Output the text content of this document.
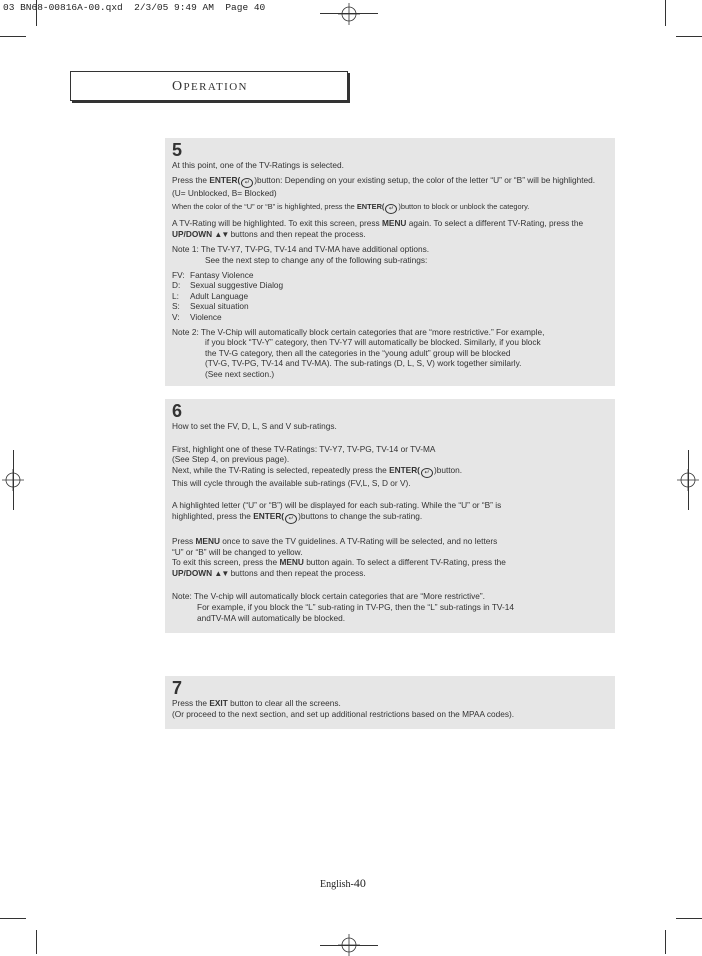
03 BN68-00816A-00.qxd  2/3/05 9:49 AM  Page 40
OPERATION
5

At this point, one of the TV-Ratings is selected.

Press the ENTER( ↵ )button: Depending on your existing setup, the color of the letter “U” or “B” will be highlighted. (U= Unblocked, B= Blocked)

When the color of the “U” or “B” is highlighted, press the ENTER( ↵ )button to block or unblock the category.

A TV-Rating will be highlighted. To exit this screen, press MENU again. To select a different TV-Rating, press the UP/DOWN ▲▼ buttons and then repeat the process.

Note 1: The TV-Y7, TV-PG, TV-14 and TV-MA have additional options.

See the next step to change any of the following sub-ratings:

FV: Fantasy Violence
D:	Sexual suggestive Dialog
L:	Adult Language
S:	Sexual situation
V:	Violence

Note 2: The V-Chip will automatically block certain categories that are “more restrictive.” For example,

if you block “TV-Y” category, then TV-Y7 will automatically be blocked. Similarly, if you block

the TV-G category, then all the categories in the “young adult” group will be blocked

(TV-G, TV-PG, TV-14 and TV-MA). The sub-ratings (D, L, S, V) work together similarly.

(See next section.)

6

How to set the FV, D, L, S and V sub-ratings.

First, highlight one of these TV-Ratings: TV-Y7, TV-PG, TV-14 or TV-MA

(See Step 4, on previous page).

Next, while the TV-Rating is selected, repeatedly press the ENTER( ↵ )button.

This will cycle through the available sub-ratings (FV,L, S, D or V).

A highlighted letter (“U” or “B”) will be displayed for each sub-rating. While the “U” or “B” is

highlighted, press the ENTER( ↵ )buttons to change the sub-rating.

Press MENU once to save the TV guidelines. A TV-Rating will be selected, and no letters

“U” or “B” will be changed to yellow.

To exit this screen, press the MENU button again. To select a different TV-Rating, press the

UP/DOWN ▲▼ buttons and then repeat the process.

Note: The V-chip will automatically block certain categories that are “More restrictive”.

For example, if you block the “L” sub-rating in TV-PG, then the “L” sub-ratings in TV-14

andTV-MA will automatically be blocked.

7

Press the EXIT button to clear all the screens.

(Or proceed to the next section, and set up additional restrictions based on the MPAA codes).

English-40
